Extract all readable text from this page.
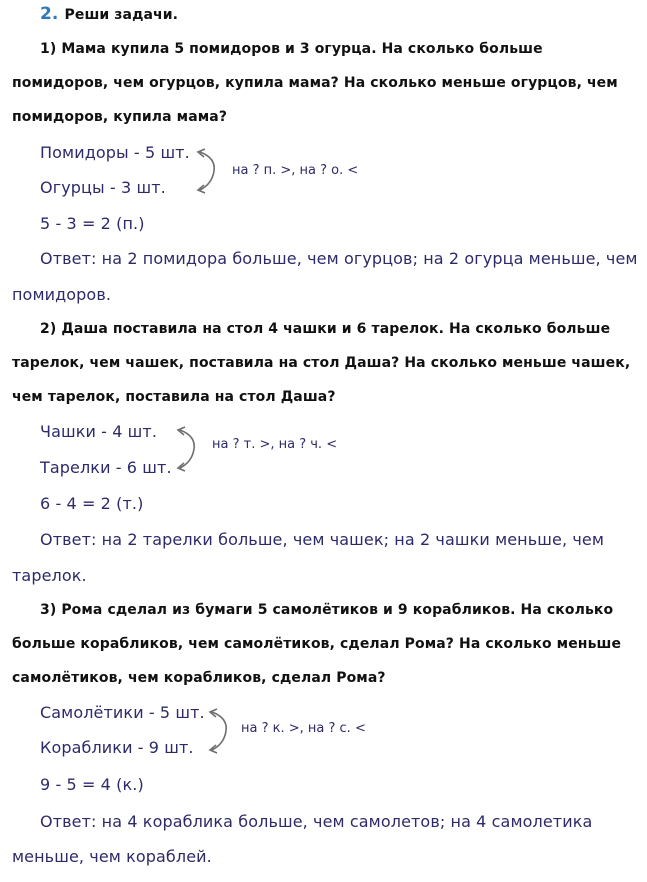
2. Реши задачи.
1) Мама купила 5 помидоров и 3 огурца. На сколько больше
помидоров, чем огурцов, купила мама? На сколько меньше огурцов, чем
помидоров, купила мама?
Помидоры - 5 шт.
Огурцы - 3 шт.
на ? п. >, на ? о. <
5 - 3 = 2 (п.)
Ответ: на 2 помидора больше, чем огурцов; на 2 огурца меньше, чем
помидоров.
2) Даша поставила на стол 4 чашки и 6 тарелок. На сколько больше
тарелок, чем чашек, поставила на стол Даша? На сколько меньше чашек,
чем тарелок, поставила на стол Даша?
Чашки - 4 шт.
Тарелки - 6 шт.
на ? т. >, на ? ч. <
6 - 4 = 2 (т.)
Ответ: на 2 тарелки больше, чем чашек; на 2 чашки меньше, чем
тарелок.
3) Рома сделал из бумаги 5 самолётиков и 9 корабликов. На сколько
больше корабликов, чем самолётиков, сделал Рома? На сколько меньше
самолётиков, чем корабликов, сделал Рома?
Самолётики - 5 шт.
Кораблики - 9 шт.
на ? к. >, на ? с. <
9 - 5 = 4 (к.)
Ответ: на 4 кораблика больше, чем самолетов; на 4 самолетика
меньше, чем кораблей.
